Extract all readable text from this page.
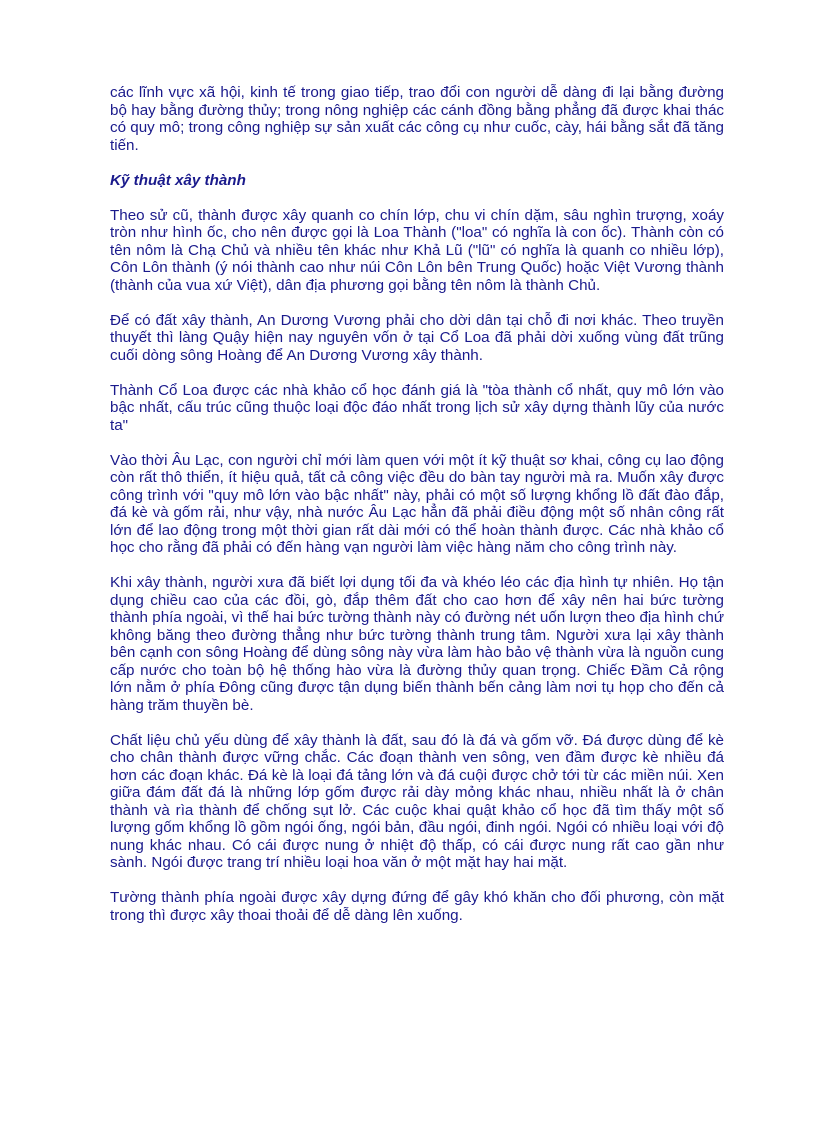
các lĩnh vực xã hội, kinh tế trong giao tiếp, trao đổi con người dễ dàng đi lại bằng đường bộ hay bằng đường thủy; trong nông nghiệp các cánh đồng bằng phẳng đã được khai thác có quy mô; trong công nghiệp sự sản xuất các công cụ như cuốc, cày, hái bằng sắt đã tăng tiến.

Kỹ thuật xây thành

Theo sử cũ, thành được xây quanh co chín lớp, chu vi chín dặm, sâu nghìn trượng, xoáy tròn như hình ốc, cho nên được gọi là Loa Thành ("loa" có nghĩa là con ốc). Thành còn có tên nôm là Chạ Chủ và nhiều tên khác như Khả Lũ ("lũ" có nghĩa là quanh co nhiều lớp), Côn Lôn thành (ý nói thành cao như núi Côn Lôn bên Trung Quốc) hoặc Việt Vương thành (thành của vua xứ Việt), dân địa phương gọi bằng tên nôm là thành Chủ.

Để có đất xây thành, An Dương Vương phải cho dời dân tại chỗ đi nơi khác. Theo truyền thuyết thì làng Quậy hiện nay nguyên vốn ở tại Cổ Loa đã phải dời xuống vùng đất trũng cuối dòng sông Hoàng để An Dương Vương xây thành.

Thành Cổ Loa được các nhà khảo cổ học đánh giá là "tòa thành cổ nhất, quy mô lớn vào bậc nhất, cấu trúc cũng thuộc loại độc đáo nhất trong lịch sử xây dựng thành lũy của nước ta"

Vào thời Âu Lạc, con người chỉ mới làm quen với một ít kỹ thuật sơ khai, công cụ lao động còn rất thô thiển, ít hiệu quả, tất cả công việc đều do bàn tay người mà ra. Muốn xây được công trình với "quy mô lớn vào bậc nhất" này, phải có một số lượng khổng lồ đất đào đắp, đá kè và gốm rải, như vậy, nhà nước Âu Lạc hẳn đã phải điều động một số nhân công rất lớn để lao động trong một thời gian rất dài mới có thể hoàn thành được. Các nhà khảo cổ học cho rằng đã phải có đến hàng vạn người làm việc hàng năm cho công trình này.

Khi xây thành, người xưa đã biết lợi dụng tối đa và khéo léo các địa hình tự nhiên. Họ tận dụng chiều cao của các đồi, gò, đắp thêm đất cho cao hơn để xây nên hai bức tường thành phía ngoài, vì thế hai bức tường thành này có đường nét uốn lượn theo địa hình chứ không băng theo đường thẳng như bức tường thành trung tâm. Người xưa lại xây thành bên cạnh con sông Hoàng để dùng sông này vừa làm hào bảo vệ thành vừa là nguồn cung cấp nước cho toàn bộ hệ thống hào vừa là đường thủy quan trọng. Chiếc Đầm Cả rộng lớn nằm ở phía Đông cũng được tận dụng biến thành bến cảng làm nơi tụ họp cho đến cả hàng trăm thuyền bè.

Chất liệu chủ yếu dùng để xây thành là đất, sau đó là đá và gốm vỡ. Đá được dùng để kè cho chân thành được vững chắc. Các đoạn thành ven sông, ven đầm được kè nhiều đá hơn các đoạn khác. Đá kè là loại đá tảng lớn và đá cuội được chở tới từ các miền núi. Xen giữa đám đất đá là những lớp gốm được rải dày mỏng khác nhau, nhiều nhất là ở chân thành và rìa thành để chống sụt lở. Các cuộc khai quật khảo cổ học đã tìm thấy một số lượng gốm khổng lồ gồm ngói ống, ngói bản, đầu ngói, đinh ngói. Ngói có nhiều loại với độ nung khác nhau. Có cái được nung ở nhiệt độ thấp, có cái được nung rất cao gần như sành. Ngói được trang trí nhiều loại hoa văn ở một mặt hay hai mặt.

Tường thành phía ngoài được xây dựng đứng để gây khó khăn cho đối phương, còn mặt trong thì được xây thoai thoải để dễ dàng lên xuống.
